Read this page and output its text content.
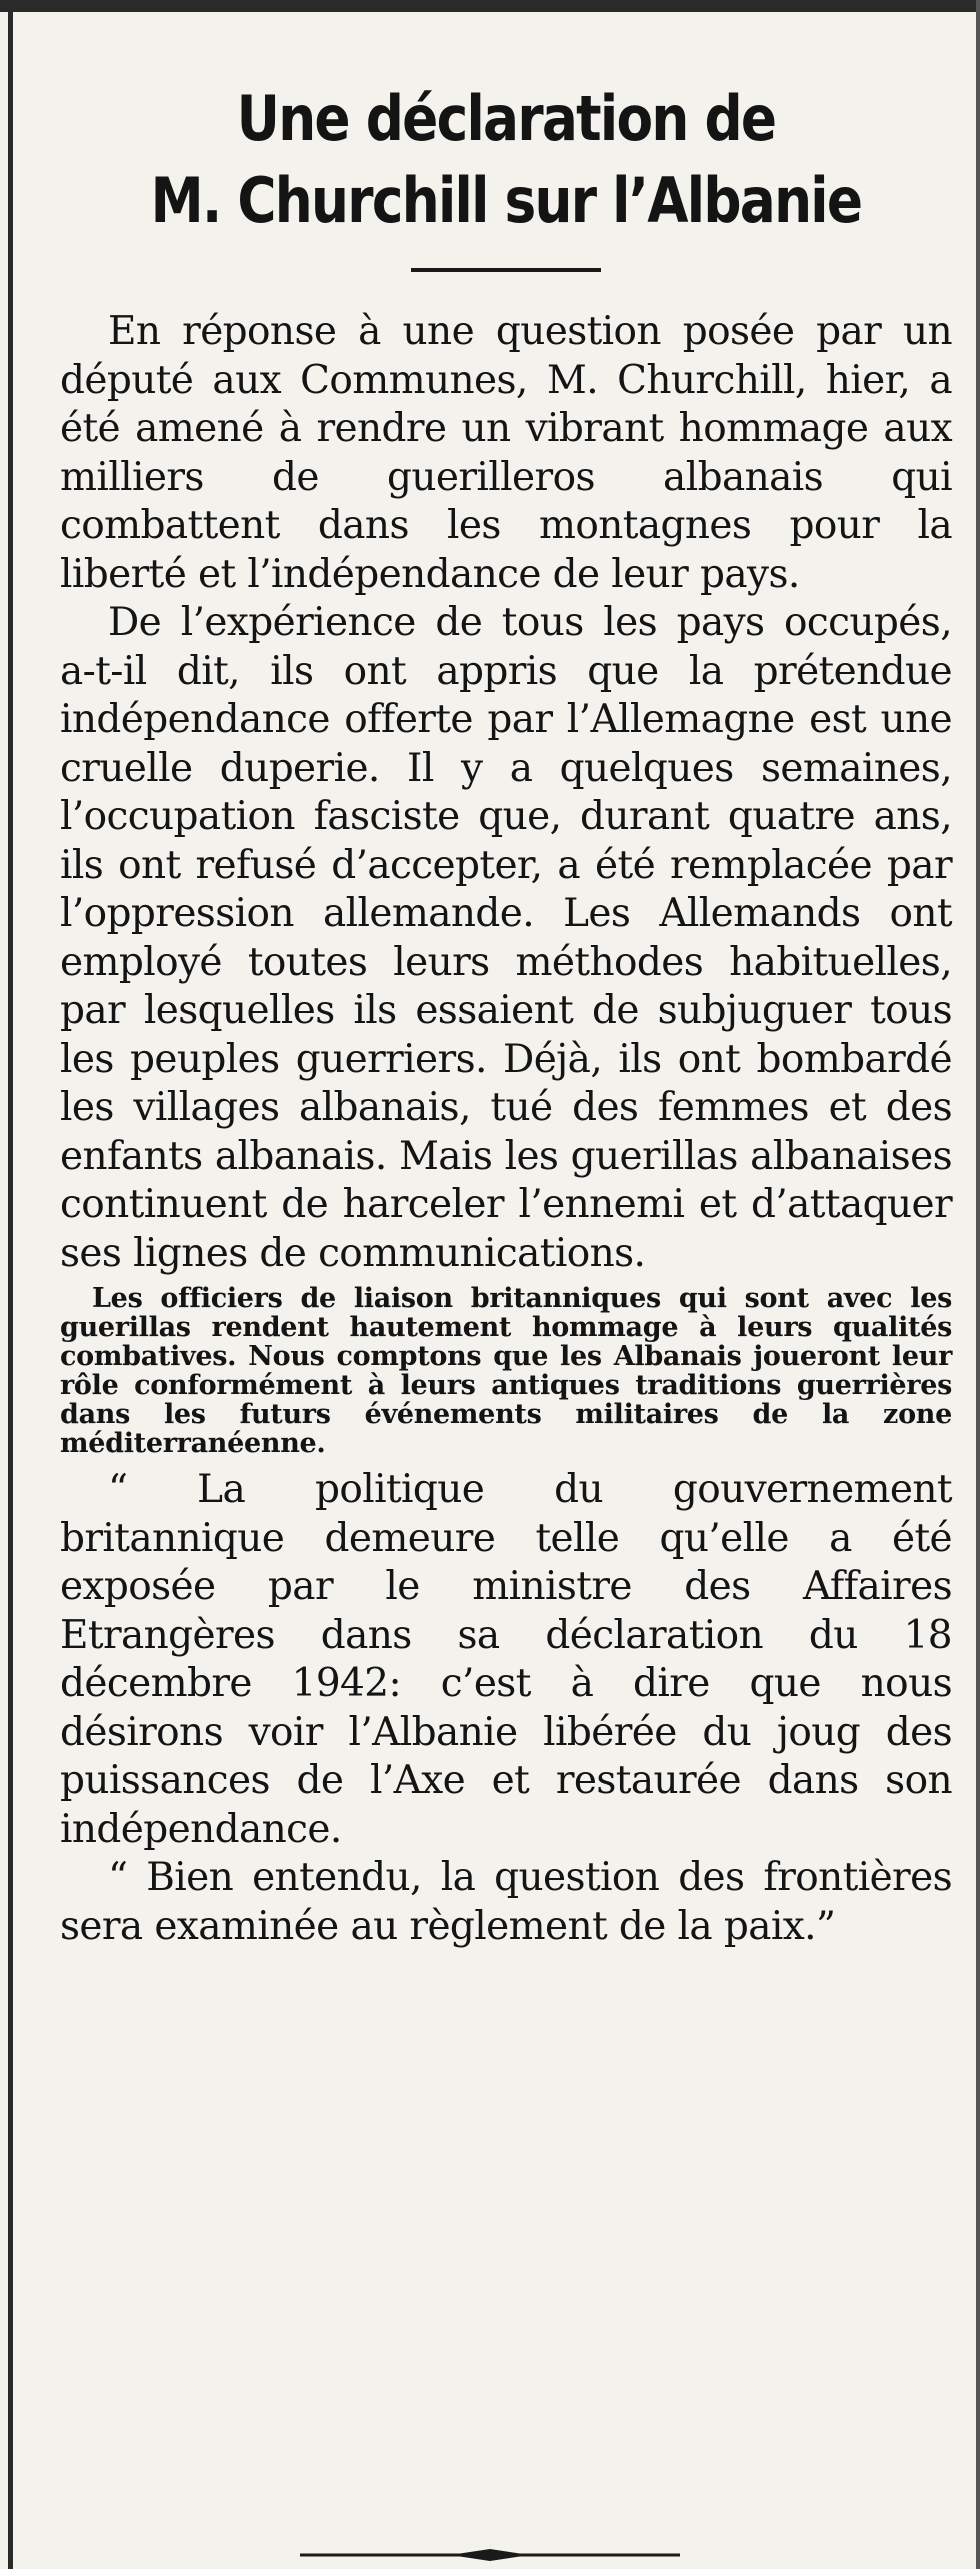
Une déclaration de
M. Churchill sur l’Albanie

En réponse à une question posée par un député aux Communes, M. Churchill, hier, a été amené à rendre un vibrant hommage aux milliers de guerilleros albanais qui combattent dans les montagnes pour la liberté et l’indépendance de leur pays.

De l’expérience de tous les pays occupés, a-t-il dit, ils ont appris que la prétendue indépendance offerte par l’Allemagne est une cruelle duperie. Il y a quelques semaines, l’occupation fasciste que, durant quatre ans, ils ont refusé d’accepter, a été remplacée par l’oppression allemande. Les Allemands ont employé toutes leurs méthodes habituelles, par lesquelles ils essaient de subjuguer tous les peuples guerriers. Déjà, ils ont bombardé les villages albanais, tué des femmes et des enfants albanais. Mais les guerillas albanaises continuent de harceler l’ennemi et d’attaquer ses lignes de communications.

Les officiers de liaison britanniques qui sont avec les guerillas rendent hautement hommage à leurs qualités combatives. Nous comptons que les Albanais joueront leur rôle conformément à leurs antiques traditions guerrières dans les futurs événements militaires de la zone méditerranéenne.

“ La politique du gouvernement britannique demeure telle qu’elle a été exposée par le ministre des Affaires Etrangères dans sa déclaration du 18 décembre 1942: c’est à dire que nous désirons voir l’Albanie libérée du joug des puissances de l’Axe et restaurée dans son indépendance.

“ Bien entendu, la question des frontières sera examinée au règlement de la paix.”
